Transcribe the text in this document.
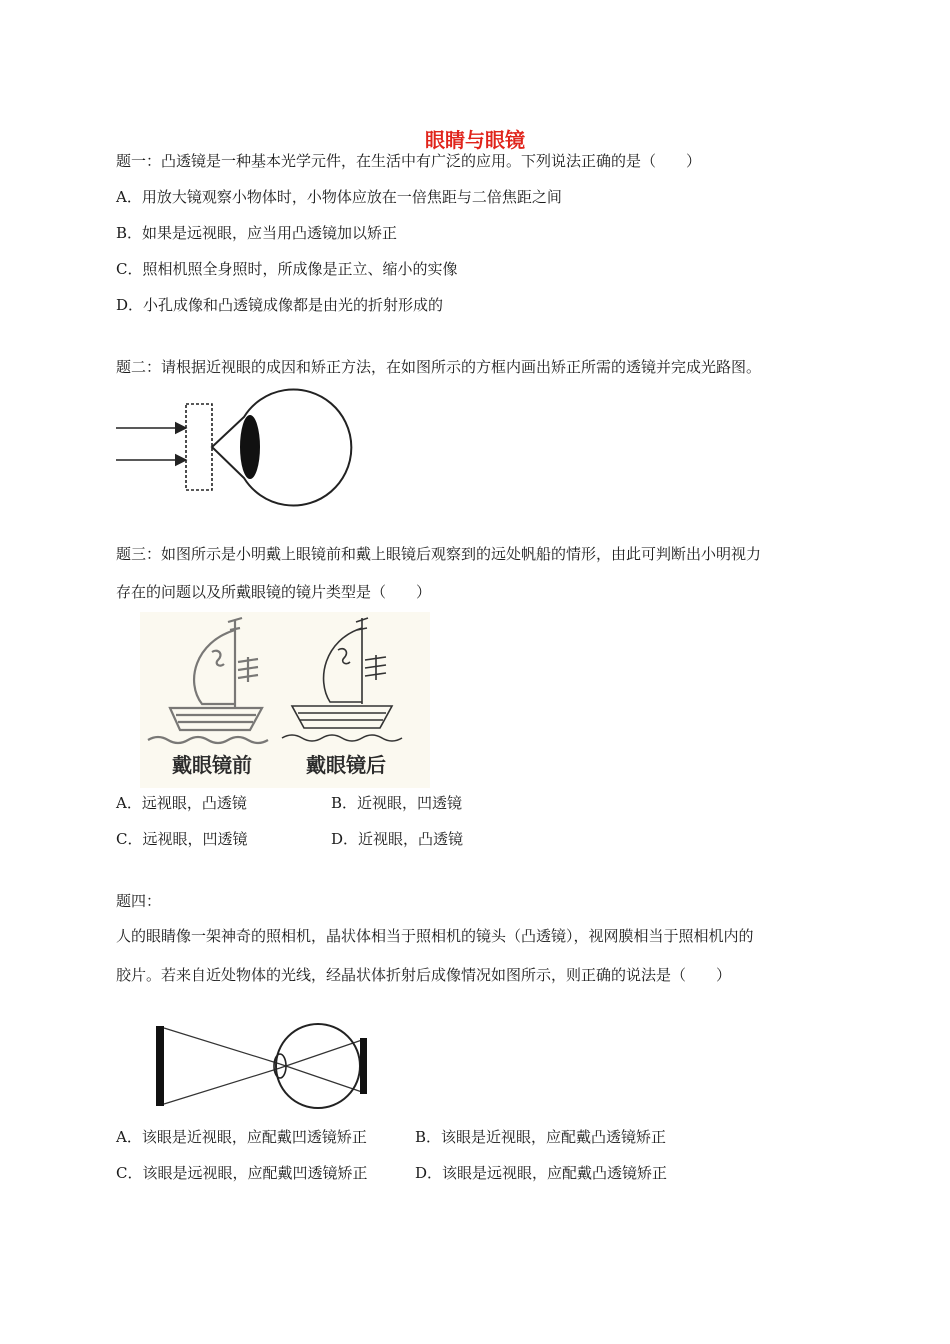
眼睛与眼镜
题一：凸透镜是一种基本光学元件，在生活中有广泛的应用。下列说法正确的是（　　）
A．用放大镜观察小物体时，小物体应放在一倍焦距与二倍焦距之间
B．如果是远视眼，应当用凸透镜加以矫正
C．照相机照全身照时，所成像是正立、缩小的实像
D．小孔成像和凸透镜成像都是由光的折射形成的
题二：请根据近视眼的成因和矫正方法，在如图所示的方框内画出矫正所需的透镜并完成光路图。
题三：如图所示是小明戴上眼镜前和戴上眼镜后观察到的远处帆船的情形，由此可判断出小明视力
存在的问题以及所戴眼镜的镜片类型是（　　）
戴眼镜前	戴眼镜后
A．远视眼，凸透镜	B．近视眼，凹透镜
C．远视眼，凹透镜	D．近视眼，凸透镜
题四：
人的眼睛像一架神奇的照相机，晶状体相当于照相机的镜头（凸透镜），视网膜相当于照相机内的
胶片。若来自近处物体的光线，经晶状体折射后成像情况如图所示，则正确的说法是（　　）
A．该眼是近视眼，应配戴凹透镜矫正	B．该眼是近视眼，应配戴凸透镜矫正
C．该眼是远视眼，应配戴凹透镜矫正	D．该眼是远视眼，应配戴凸透镜矫正
